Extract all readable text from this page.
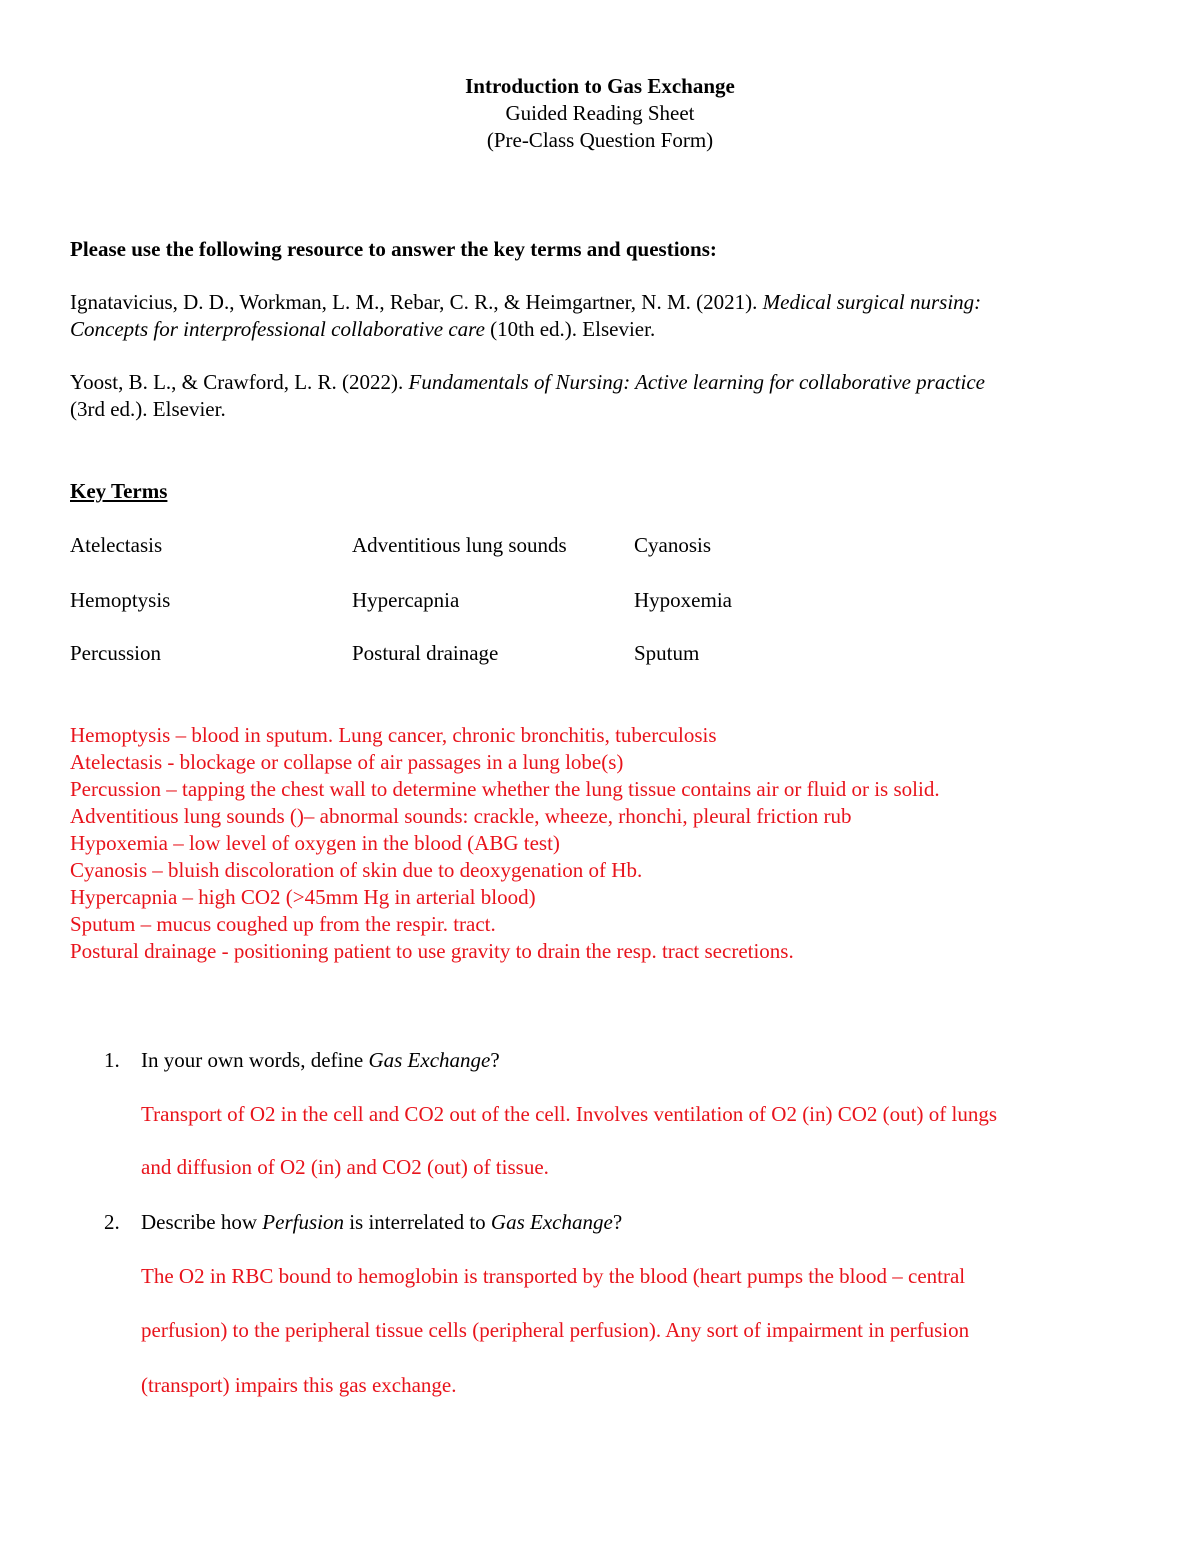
Introduction to Gas Exchange
Guided Reading Sheet
(Pre-Class Question Form)
Please use the following resource to answer the key terms and questions:
Ignatavicius, D. D., Workman, L. M., Rebar, C. R., & Heimgartner, N. M. (2021). Medical surgical nursing:
Concepts for interprofessional collaborative care (10th ed.). Elsevier.
Yoost, B. L., & Crawford, L. R. (2022). Fundamentals of Nursing: Active learning for collaborative practice
(3rd ed.). Elsevier.
Key Terms
Atelectasis	Adventitious lung sounds	Cyanosis
Hemoptysis	Hypercapnia	Hypoxemia
Percussion	Postural drainage	Sputum
Hemoptysis – blood in sputum. Lung cancer, chronic bronchitis, tuberculosis
Atelectasis - blockage or collapse of air passages in a lung lobe(s)
Percussion – tapping the chest wall to determine whether the lung tissue contains air or fluid or is solid.
Adventitious lung sounds ()– abnormal sounds: crackle, wheeze, rhonchi, pleural friction rub
Hypoxemia – low level of oxygen in the blood (ABG test)
Cyanosis – bluish discoloration of skin due to deoxygenation of Hb.
Hypercapnia – high CO2 (>45mm Hg in arterial blood)
Sputum – mucus coughed up from the respir. tract.
Postural drainage - positioning patient to use gravity to drain the resp. tract secretions.
1. In your own words, define Gas Exchange?
Transport of O2 in the cell and CO2 out of the cell. Involves ventilation of O2 (in) CO2 (out) of lungs
and diffusion of O2 (in) and CO2 (out) of tissue.
2. Describe how Perfusion is interrelated to Gas Exchange?
The O2 in RBC bound to hemoglobin is transported by the blood (heart pumps the blood – central
perfusion) to the peripheral tissue cells (peripheral perfusion). Any sort of impairment in perfusion
(transport) impairs this gas exchange.
